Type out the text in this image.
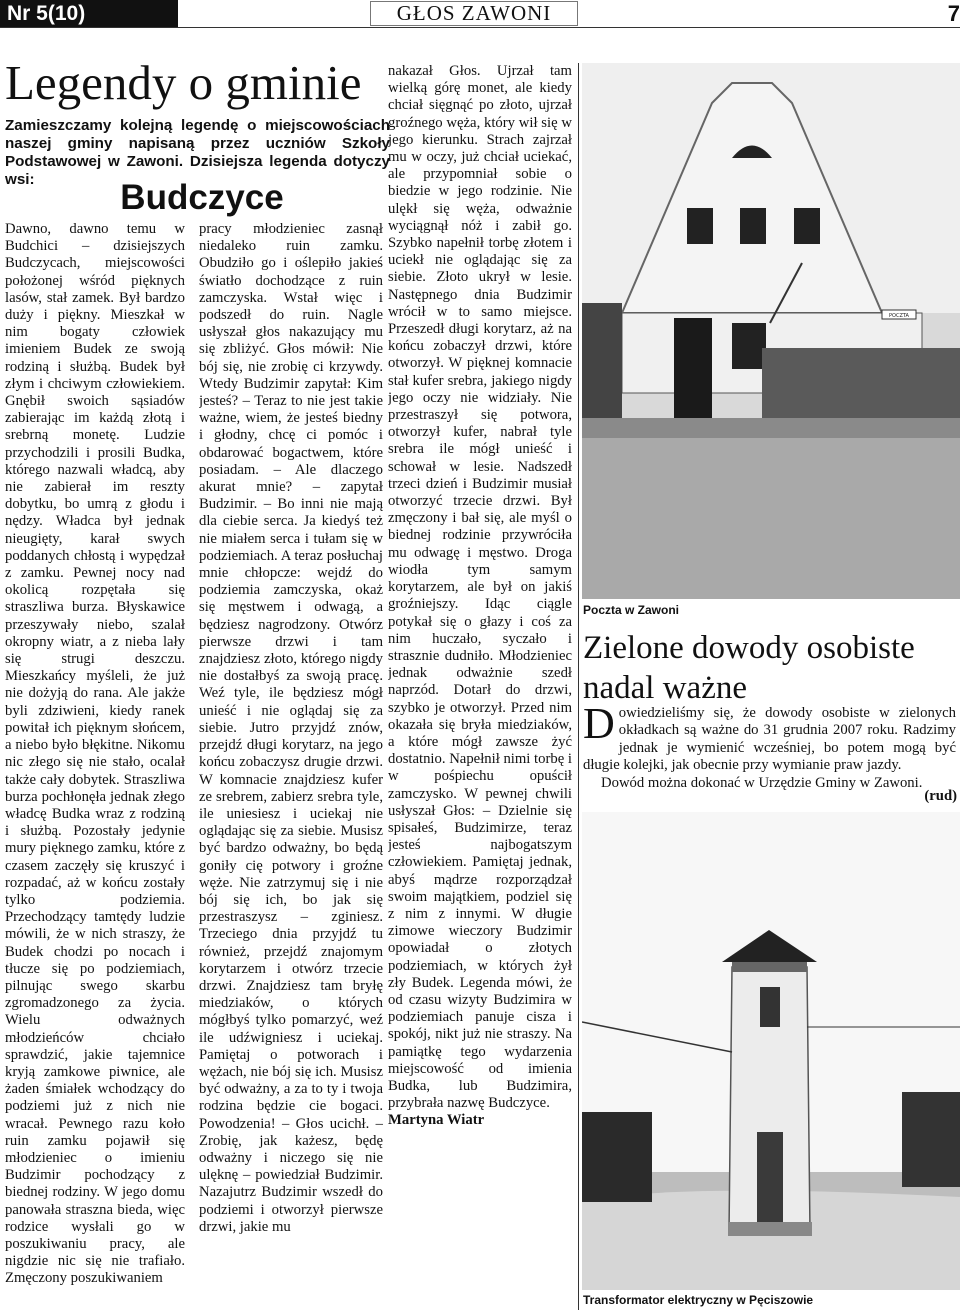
Nr 5(10)	GŁOS ZAWONI	7
Legendy o gminie
Zamieszczamy kolejną legendę o miejscowościach naszej gminy napisaną przez uczniów Szkoły Podstawowej w Zawoni. Dzisiejsza legenda dotyczy wsi:	Budczyce

Dawno, dawno temu w Budchici – dzisiejszych Budczycach, miejscowości położonej wśród pięknych lasów, stał zamek. Był bardzo duży i piękny. Mieszkał w nim bogaty człowiek imieniem Budek ze swoją rodziną i służbą. Budek był złym i chciwym człowiekiem. Gnębił swoich sąsiadów zabierając im każdą złotą i srebrną monetę. Ludzie przychodzili i prosili Budka, którego nazwali władcą, aby nie zabierał im reszty dobytku, bo umrą z głodu i nędzy. Władca był jednak nieugięty, karał swych poddanych chłostą i wypędzał z zamku. Pewnej nocy nad okolicą rozpętała się straszliwa burza. Błyskawice przeszywały niebo, szalał okropny wiatr, a z nieba lały się strugi deszczu. Mieszkańcy myśleli, że już nie dożyją do rana. Ale jakże byli zdziwieni, kiedy ranek powitał ich pięknym słońcem, a niebo było błękitne. Nikomu nic złego się nie stało, ocalał także cały dobytek. Straszliwa burza pochłonęła jednak złego władcę Budka wraz z rodziną i służbą. Pozostały jedynie mury pięknego zamku, które z czasem zaczęły się kruszyć i rozpadać, aż w końcu zostały tylko podziemia. Przechodzący tamtędy ludzie mówili, że w nich straszy, że Budek chodzi po nocach i tłucze się po podziemiach, pilnując swego skarbu zgromadzonego za życia. Wielu odważnych młodzieńców chciało sprawdzić, jakie tajemnice kryją zamkowe piwnice, ale żaden śmiałek wchodzący do podziemi już z nich nie wracał. Pewnego razu koło ruin zamku pojawił się młodzieniec o imieniu Budzimir pochodzący z biednej rodziny. W jego domu panowała straszna bieda, więc rodzice wysłali go w poszukiwaniu pracy, ale nigdzie nic się nie trafiało. Zmęczony poszukiwaniem

pracy młodzieniec zasnął niedaleko ruin zamku. Obudziło go i oślepiło jakieś światło dochodzące z ruin zamczyska. Wstał więc i podszedł do ruin. Nagle usłyszał głos nakazujący mu się zbliżyć. Głos mówił: Nie bój się, nie zrobię ci krzywdy. Wtedy Budzimir zapytał: Kim jesteś? – Teraz to nie jest takie ważne, wiem, że jesteś biedny i głodny, chcę ci pomóc i obdarować bogactwem, które posiadam. – Ale dlaczego akurat mnie? – zapytał Budzimir. – Bo inni nie mają dla ciebie serca. Ja kiedyś też nie miałem serca i tułam się w podziemiach. A teraz posłuchaj mnie chłopcze: wejdź do podziemia zamczyska, okaż się męstwem i odwagą, a będziesz nagrodzony. Otwórz pierwsze drzwi i tam znajdziesz złoto, którego nigdy nie dostałbyś za swoją pracę. Weź tyle, ile będziesz mógł unieść i nie oglądaj się za siebie. Jutro przyjdź znów, przejdź długi korytarz, na jego końcu zobaczysz drugie drzwi. W komnacie znajdziesz kufer ze srebrem, zabierz srebra tyle, ile uniesiesz i uciekaj nie oglądając się za siebie. Musisz być bardzo odważny, bo będą goniły cię potwory i groźne węże. Nie zatrzymuj się i nie bój się ich, bo jak się przestraszysz – zginiesz. Trzeciego dnia przyjdź tu również, przejdź znajomym korytarzem i otwórz trzecie drzwi. Znajdziesz tam bryłę miedziaków, o których mógłbyś tylko pomarzyć, weź ile udźwigniesz i uciekaj. Pamiętaj o potworach i wężach, nie bój się ich. Musisz być odważny, a za to ty i twoja rodzina będzie cie bogaci. Powodzenia! – Głos ucichł. – Zrobię, jak każesz, będę odważny i niczego się nie ulęknę – powiedział Budzimir. Nazajutrz Budzimir wszedł do podziemi i otworzył pierwsze drzwi, jakie mu

nakazał Głos. Ujrzał tam wielką górę monet, ale kiedy chciał sięgnąć po złoto, ujrzał groźnego węża, który wił się w jego kierunku. Strach zajrzał mu w oczy, już chciał uciekać, ale przypomniał sobie o biedzie w jego rodzinie. Nie ulękł się węża, odważnie wyciągnął nóż i zabił go. Szybko napełnił torbę złotem i uciekł nie oglądając się za siebie. Złoto ukrył w lesie. Następnego dnia Budzimir wrócił w to samo miejsce. Przeszedł długi korytarz, aż na końcu zobaczył drzwi, które otworzył. W pięknej komnacie stał kufer srebra, jakiego nigdy jego oczy nie widziały. Nie przestraszył się potwora, otworzył kufer, nabrał tyle srebra ile mógł unieść i schował w lesie. Nadszedł trzeci dzień i Budzimir musiał otworzyć trzecie drzwi. Był zmęczony i bał się, ale myśl o biednej rodzinie przywróciła mu odwagę i męstwo. Droga wiodła tym samym korytarzem, ale był on jakiś groźniejszy. Idąc ciągle potykał się o głazy i coś za nim huczało, syczało i strasznie dudniło. Młodzieniec jednak odważnie szedł naprzód. Dotarł do drzwi, szybko je otworzył. Przed nim okazała się bryła miedziaków, a które mógł zawsze żyć dostatnio. Napełnił nimi torbę i w pośpiechu opuścił zamczysko. W pewnej chwili usłyszał Głos: – Dzielnie się spisałeś, Budzimirze, teraz jesteś najbogatszym człowiekiem. Pamiętaj jednak, abyś mądrze rozporządzał swoim majątkiem, podziel się z nim z innymi. W długie zimowe wieczory Budzimir opowiadał o złotych podziemiach, w których żył zły Budek. Legenda mówi, że od czasu wizyty Budzimira w podziemiach panuje cisza i spokój, nikt już nie straszy. Na pamiątkę tego wydarzenia miejscowość od imienia Budka, lub Budzimira, przybrała nazwę Budczyce.

Martyna Wiatr

POCZTA
Poczta w Zawoni
Zielone dowody osobiste nadal ważne
Dowiedzieliśmy się, że dowody osobiste w zielonych okładkach są ważne do 31 grudnia 2007 roku. Radzimy jednak je wymienić wcześniej, bo potem mogą być długie kolejki, jak obecnie przy wymianie praw jazdy.
Dowód można dokonać w Urzędzie Gminy w Zawoni.
(rud)
Transformator elektryczny w Pęciszowie
